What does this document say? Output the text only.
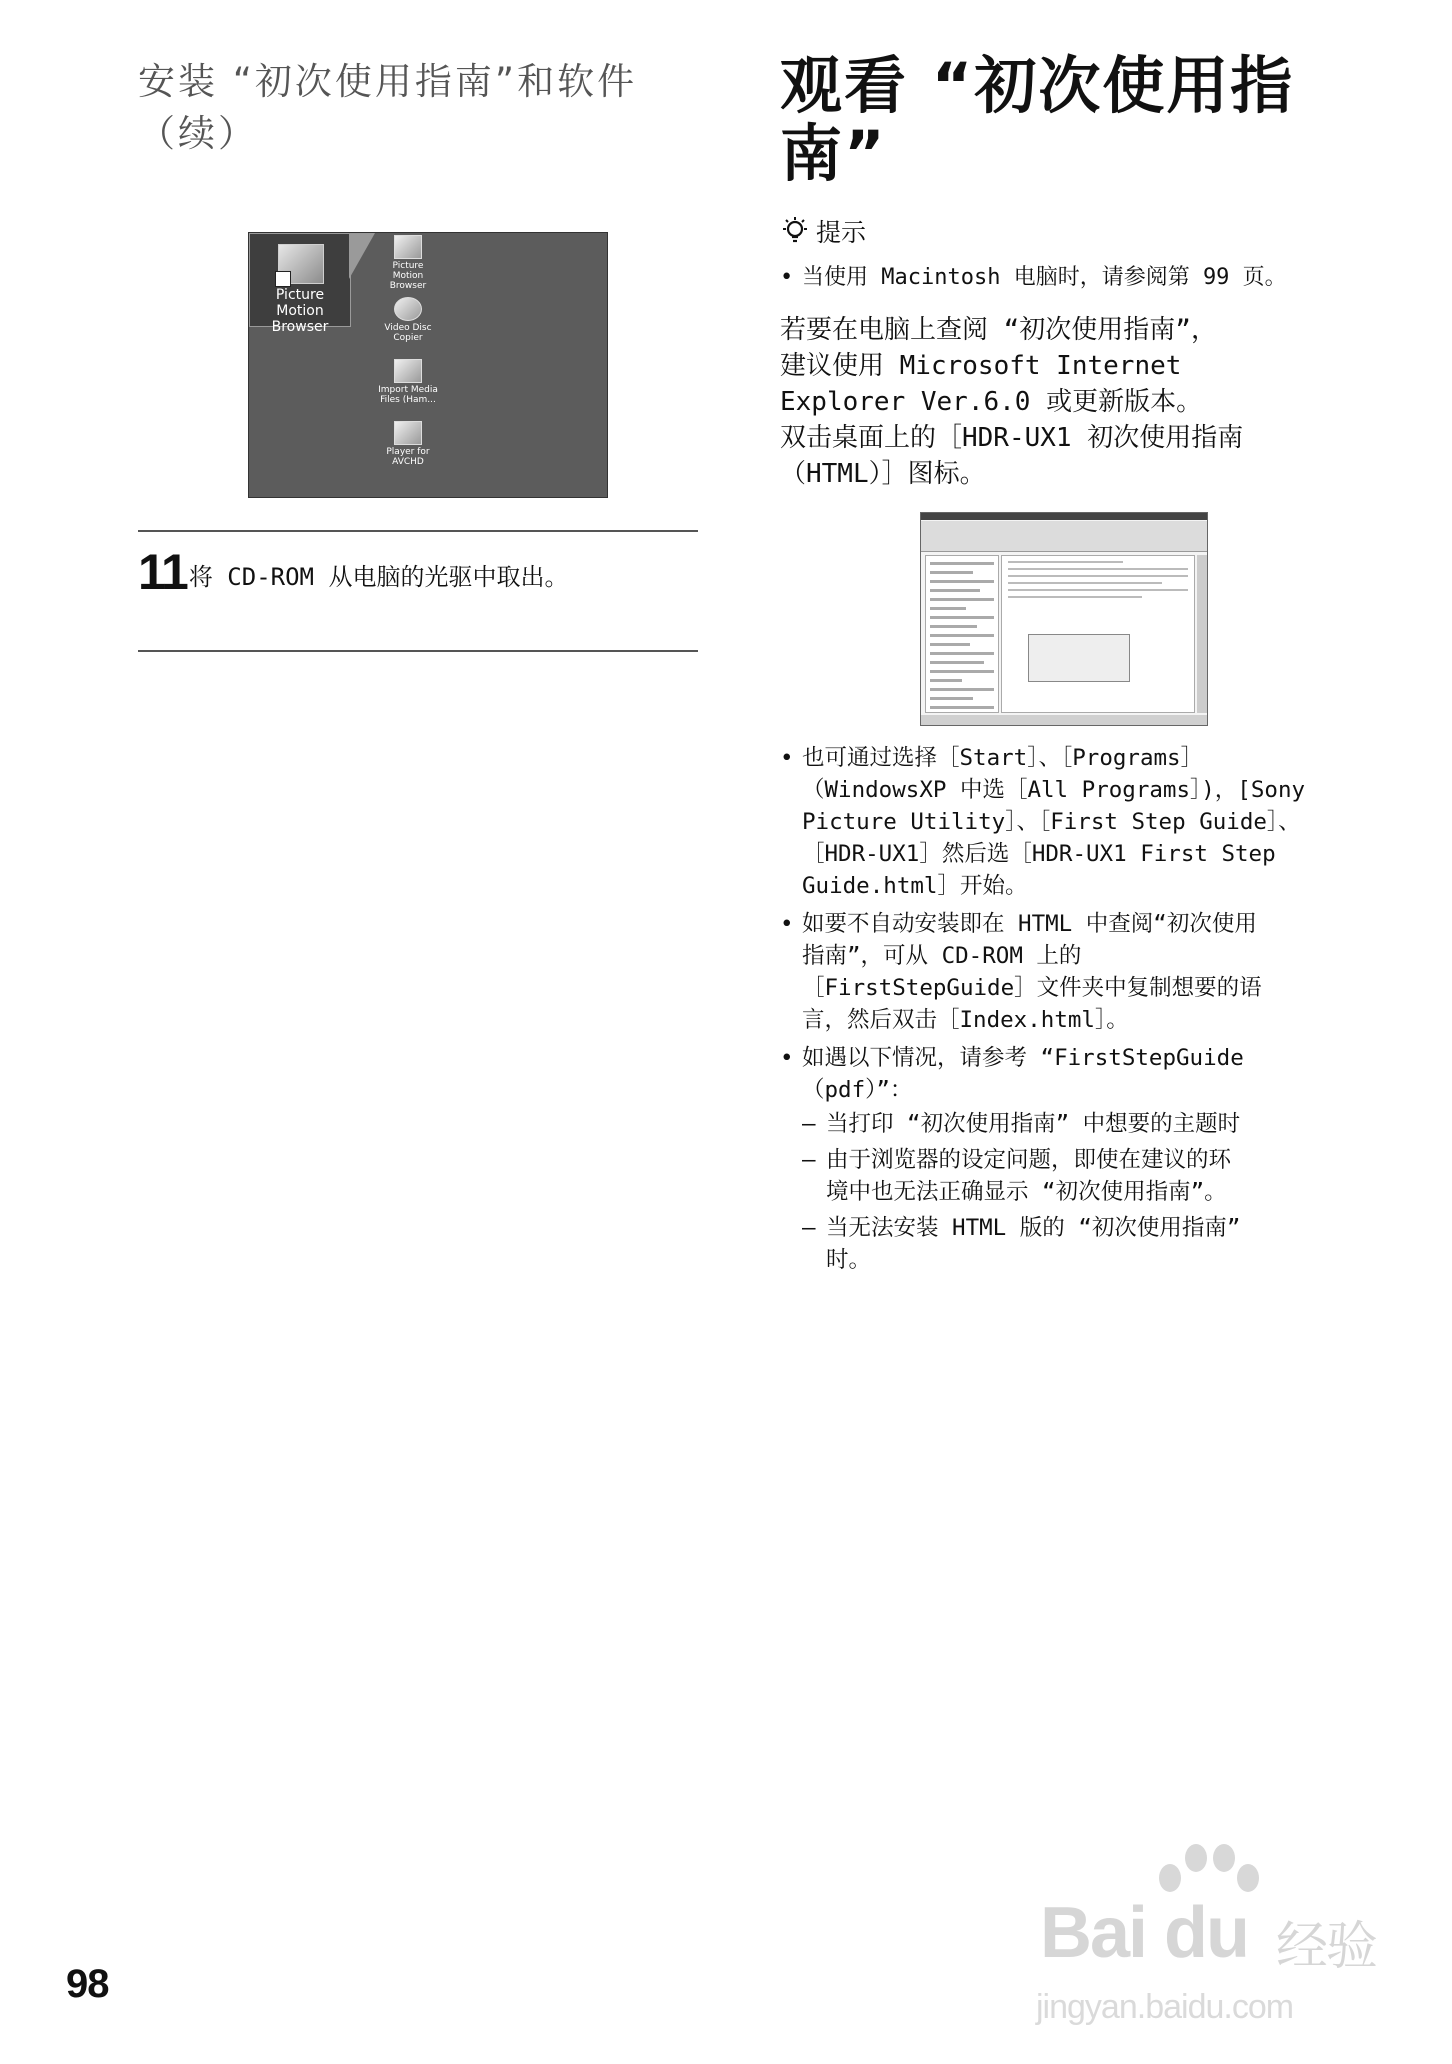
安装 “初次使用指南”和软件
（续）
Picture Motion
Browser
Picture Motion
Browser
Video Disc
Copier
Import Media
Files (Ham...
Player for
AVCHD
11将 CD-ROM 从电脑的光驱中取出。
观看 “初次使用指
南”
提示
• 当使用 Macintosh 电脑时，请参阅第 99 页。
若要在电脑上查阅 “初次使用指南”，
建议使用 Microsoft Internet
Explorer Ver.6.0 或更新版本。
双击桌面上的［HDR-UX1 初次使用指南
（HTML）］图标。
• 也可通过选择［Start］、［Programs］
（WindowsXP 中选［All Programs］)，[Sony
Picture Utility］、［First Step Guide］、
［HDR-UX1］然后选［HDR-UX1 First Step
Guide.html］开始。
• 如要不自动安装即在 HTML 中查阅“初次使用
指南”，可从 CD-ROM 上的
［FirstStepGuide］文件夹中复制想要的语
言，然后双击［Index.html］。
• 如遇以下情况，请参考 “FirstStepGuide
（pdf）”：
– 当打印 “初次使用指南” 中想要的主题时
– 由于浏览器的设定问题，即使在建议的环
境中也无法正确显示 “初次使用指南”。
– 当无法安装 HTML 版的 “初次使用指南”
时。
98
Bai du 经验
jingyan.baidu.com
